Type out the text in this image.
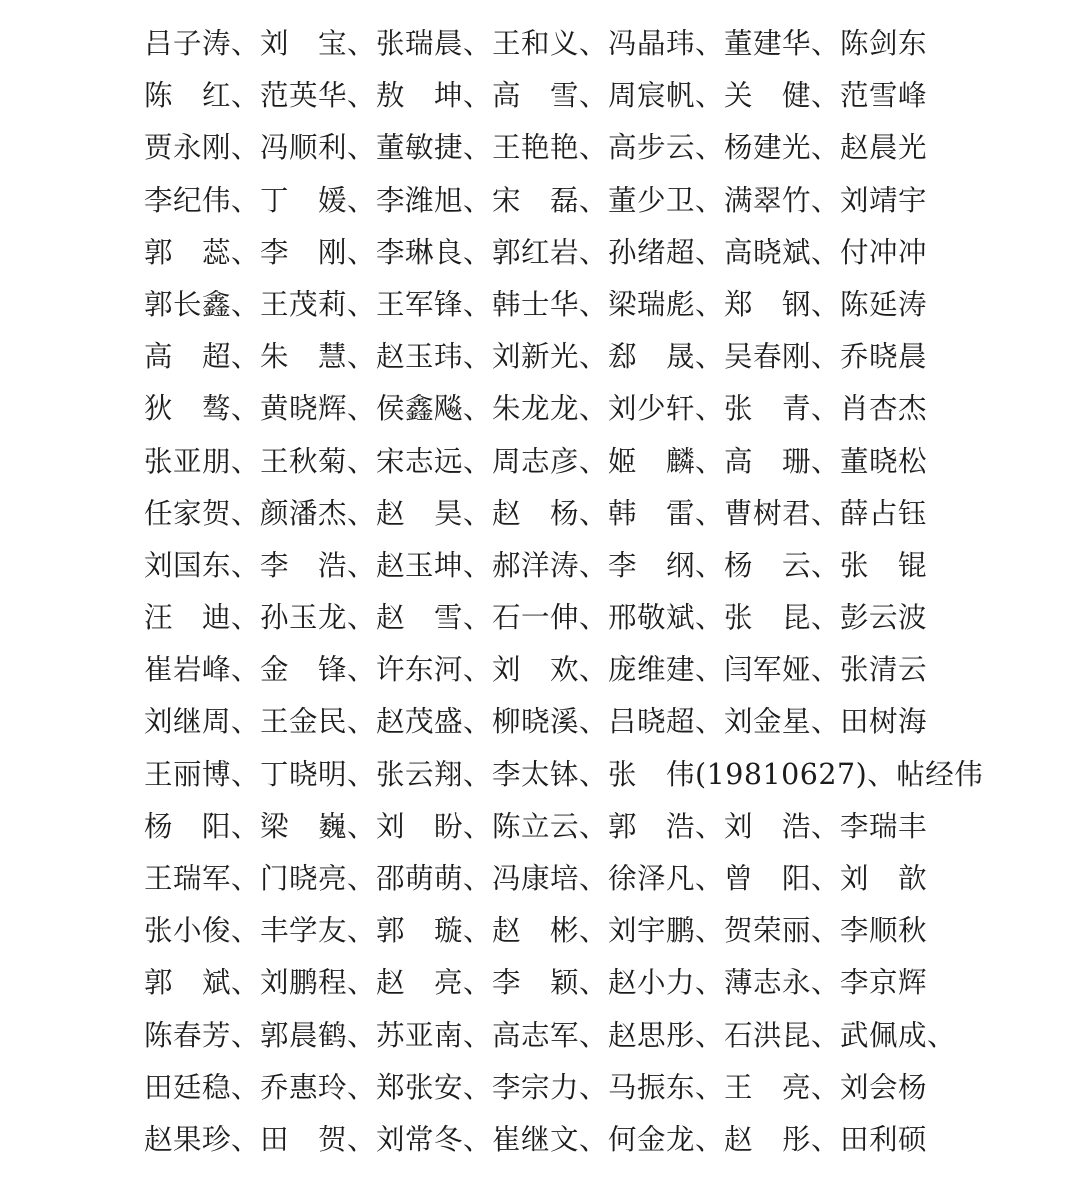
吕子涛、刘　宝、张瑞晨、王和义、冯晶玮、董建华、陈剑东
陈　红、范英华、敖　坤、高　雪、周宸帆、关　健、范雪峰
贾永刚、冯顺利、董敏捷、王艳艳、高步云、杨建光、赵晨光
李纪伟、丁　媛、李潍旭、宋　磊、董少卫、满翠竹、刘靖宇
郭　蕊、李　刚、李琳良、郭红岩、孙绪超、高晓斌、付冲冲
郭长鑫、王茂莉、王军锋、韩士华、梁瑞彪、郑　钢、陈延涛
高　超、朱　慧、赵玉玮、刘新光、郄　晟、吴春刚、乔晓晨
狄　骜、黄晓辉、侯鑫飚、朱龙龙、刘少轩、张　青、肖杏杰
张亚朋、王秋菊、宋志远、周志彦、姬　麟、高　珊、董晓松
任家贺、颜潘杰、赵　昊、赵　杨、韩　雷、曹树君、薛占钰
刘国东、李　浩、赵玉坤、郝洋涛、李　纲、杨　云、张　锟
汪　迪、孙玉龙、赵　雪、石一伸、邢敬斌、张　昆、彭云波
崔岩峰、金　锋、许东河、刘　欢、庞维建、闫军娅、张清云
刘继周、王金民、赵茂盛、柳晓溪、吕晓超、刘金星、田树海
王丽博、丁晓明、张云翔、李太钵、张　伟(19810627)、帖经伟
杨　阳、梁　巍、刘　盼、陈立云、郭　浩、刘　浩、李瑞丰
王瑞军、门晓亮、邵萌萌、冯康培、徐泽凡、曾　阳、刘　歆
张小俊、丰学友、郭　璇、赵　彬、刘宇鹏、贺荣丽、李顺秋
郭　斌、刘鹏程、赵　亮、李　颖、赵小力、薄志永、李京辉
陈春芳、郭晨鹤、苏亚南、高志军、赵思彤、石洪昆、武佩成、
田廷稳、乔惠玲、郑张安、李宗力、马振东、王　亮、刘会杨
赵果珍、田　贺、刘常冬、崔继文、何金龙、赵　彤、田利硕
